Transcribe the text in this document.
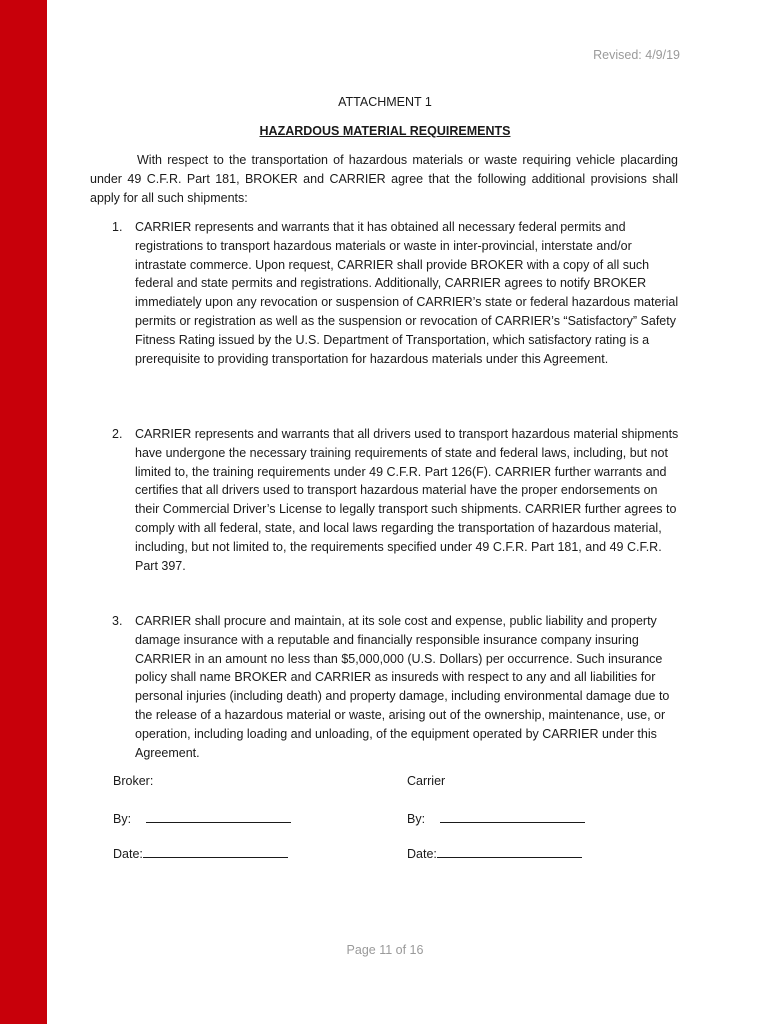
Revised: 4/9/19
ATTACHMENT 1
HAZARDOUS MATERIAL REQUIREMENTS
With respect to the transportation of hazardous materials or waste requiring vehicle placarding under 49 C.F.R. Part 181, BROKER and CARRIER agree that the following additional provisions shall apply for all such shipments:
1.	CARRIER represents and warrants that it has obtained all necessary federal permits and registrations to transport hazardous materials or waste in inter-provincial, interstate and/or intrastate commerce. Upon request, CARRIER shall provide BROKER with a copy of all such federal and state permits and registrations. Additionally, CARRIER agrees to notify BROKER immediately upon any revocation or suspension of CARRIER’s state or federal hazardous material permits or registration as well as the suspension or revocation of CARRIER’s “Satisfactory” Safety Fitness Rating issued by the U.S. Department of Transportation, which satisfactory rating is a prerequisite to providing transportation for hazardous materials under this Agreement.
2.	CARRIER represents and warrants that all drivers used to transport hazardous material shipments have undergone the necessary training requirements of state and federal laws, including, but not limited to, the training requirements under 49 C.F.R. Part 126(F). CARRIER further warrants and certifies that all drivers used to transport hazardous material have the proper endorsements on their Commercial Driver’s License to legally transport such shipments. CARRIER further agrees to comply with all federal, state, and local laws regarding the transportation of hazardous material, including, but not limited to, the requirements specified under 49 C.F.R. Part 181, and 49 C.F.R. Part 397.
3.	CARRIER shall procure and maintain, at its sole cost and expense, public liability and property damage insurance with a reputable and financially responsible insurance company insuring CARRIER in an amount no less than $5,000,000 (U.S. Dollars) per occurrence. Such insurance policy shall name BROKER and CARRIER as insureds with respect to any and all liabilities for personal injuries (including death) and property damage, including environmental damage due to the release of a hazardous material or waste, arising out of the ownership, maintenance, use, or operation, including loading and unloading, of the equipment operated by CARRIER under this Agreement.
Broker:	Carrier
By:	By:
Date:	Date:
Page 11 of 16
